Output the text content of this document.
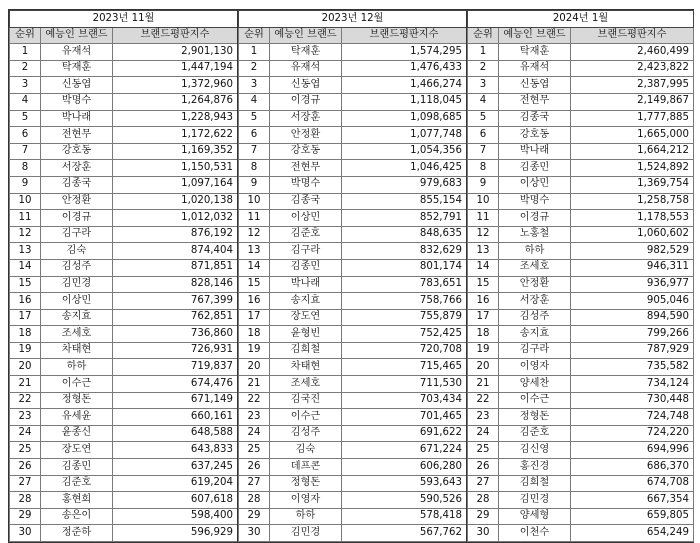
2023년 11월		
순위	예능인 브랜드	브랜드평판지수
1	유재석	2,901,130
2	탁재훈	1,447,194
3	신동엽	1,372,960
4	박명수	1,264,876
5	박나래	1,228,943
6	전현무	1,172,622
7	강호동	1,169,352
8	서장훈	1,150,531
9	김종국	1,097,164
10	안정환	1,020,138
11	이경규	1,012,032
12	김구라	876,192
13	김숙	874,404
14	김성주	871,851
15	김민경	828,146
16	이상민	767,399
17	송지효	762,851
18	조세호	736,860
19	차태현	726,931
20	하하	719,837
21	이수근	674,476
22	정형돈	671,149
23	유세윤	660,161
24	윤종신	648,588
25	장도연	643,833
26	김종민	637,245
27	김준호	619,204
28	홍현희	607,618
29	송은이	598,400
30	정준하	596,929
2023년 12월		
순위	예능인 브랜드	브랜드평판지수
1	탁재훈	1,574,295
2	유재석	1,476,433
3	신동엽	1,466,274
4	이경규	1,118,045
5	서장훈	1,098,685
6	안정환	1,077,748
7	강호동	1,054,356
8	전현무	1,046,425
9	박명수	979,683
10	김종국	855,154
11	이상민	852,791
12	김준호	848,635
13	김구라	832,629
14	김종민	801,174
15	박나래	783,651
16	송지효	758,766
17	장도연	755,879
18	윤형빈	752,425
19	김희철	720,708
20	차태현	715,465
21	조세호	711,530
22	김국진	703,434
23	이수근	701,465
24	김성주	691,622
25	김숙	671,224
26	데프콘	606,280
27	정형돈	593,643
28	이영자	590,526
29	하하	578,418
30	김민경	567,762
2024년 1월		
순위	예능인 브랜드	브랜드평판지수
1	탁재훈	2,460,499
2	유재석	2,423,822
3	신동엽	2,387,995
4	전현무	2,149,867
5	김종국	1,777,885
6	강호동	1,665,000
7	박나래	1,664,212
8	김종민	1,524,892
9	이상민	1,369,754
10	박명수	1,258,758
11	이경규	1,178,553
12	노홍철	1,060,602
13	하하	982,529
14	조세호	946,311
15	안정환	936,977
16	서장훈	905,046
17	김성주	894,590
18	송지효	799,266
19	김구라	787,929
20	이영자	735,582
21	양세찬	734,124
22	이수근	730,448
23	정형돈	724,748
24	김준호	724,220
25	김신영	694,996
26	홍진경	686,370
27	김희철	674,708
28	김민경	667,354
29	양세형	659,805
30	이천수	654,249
